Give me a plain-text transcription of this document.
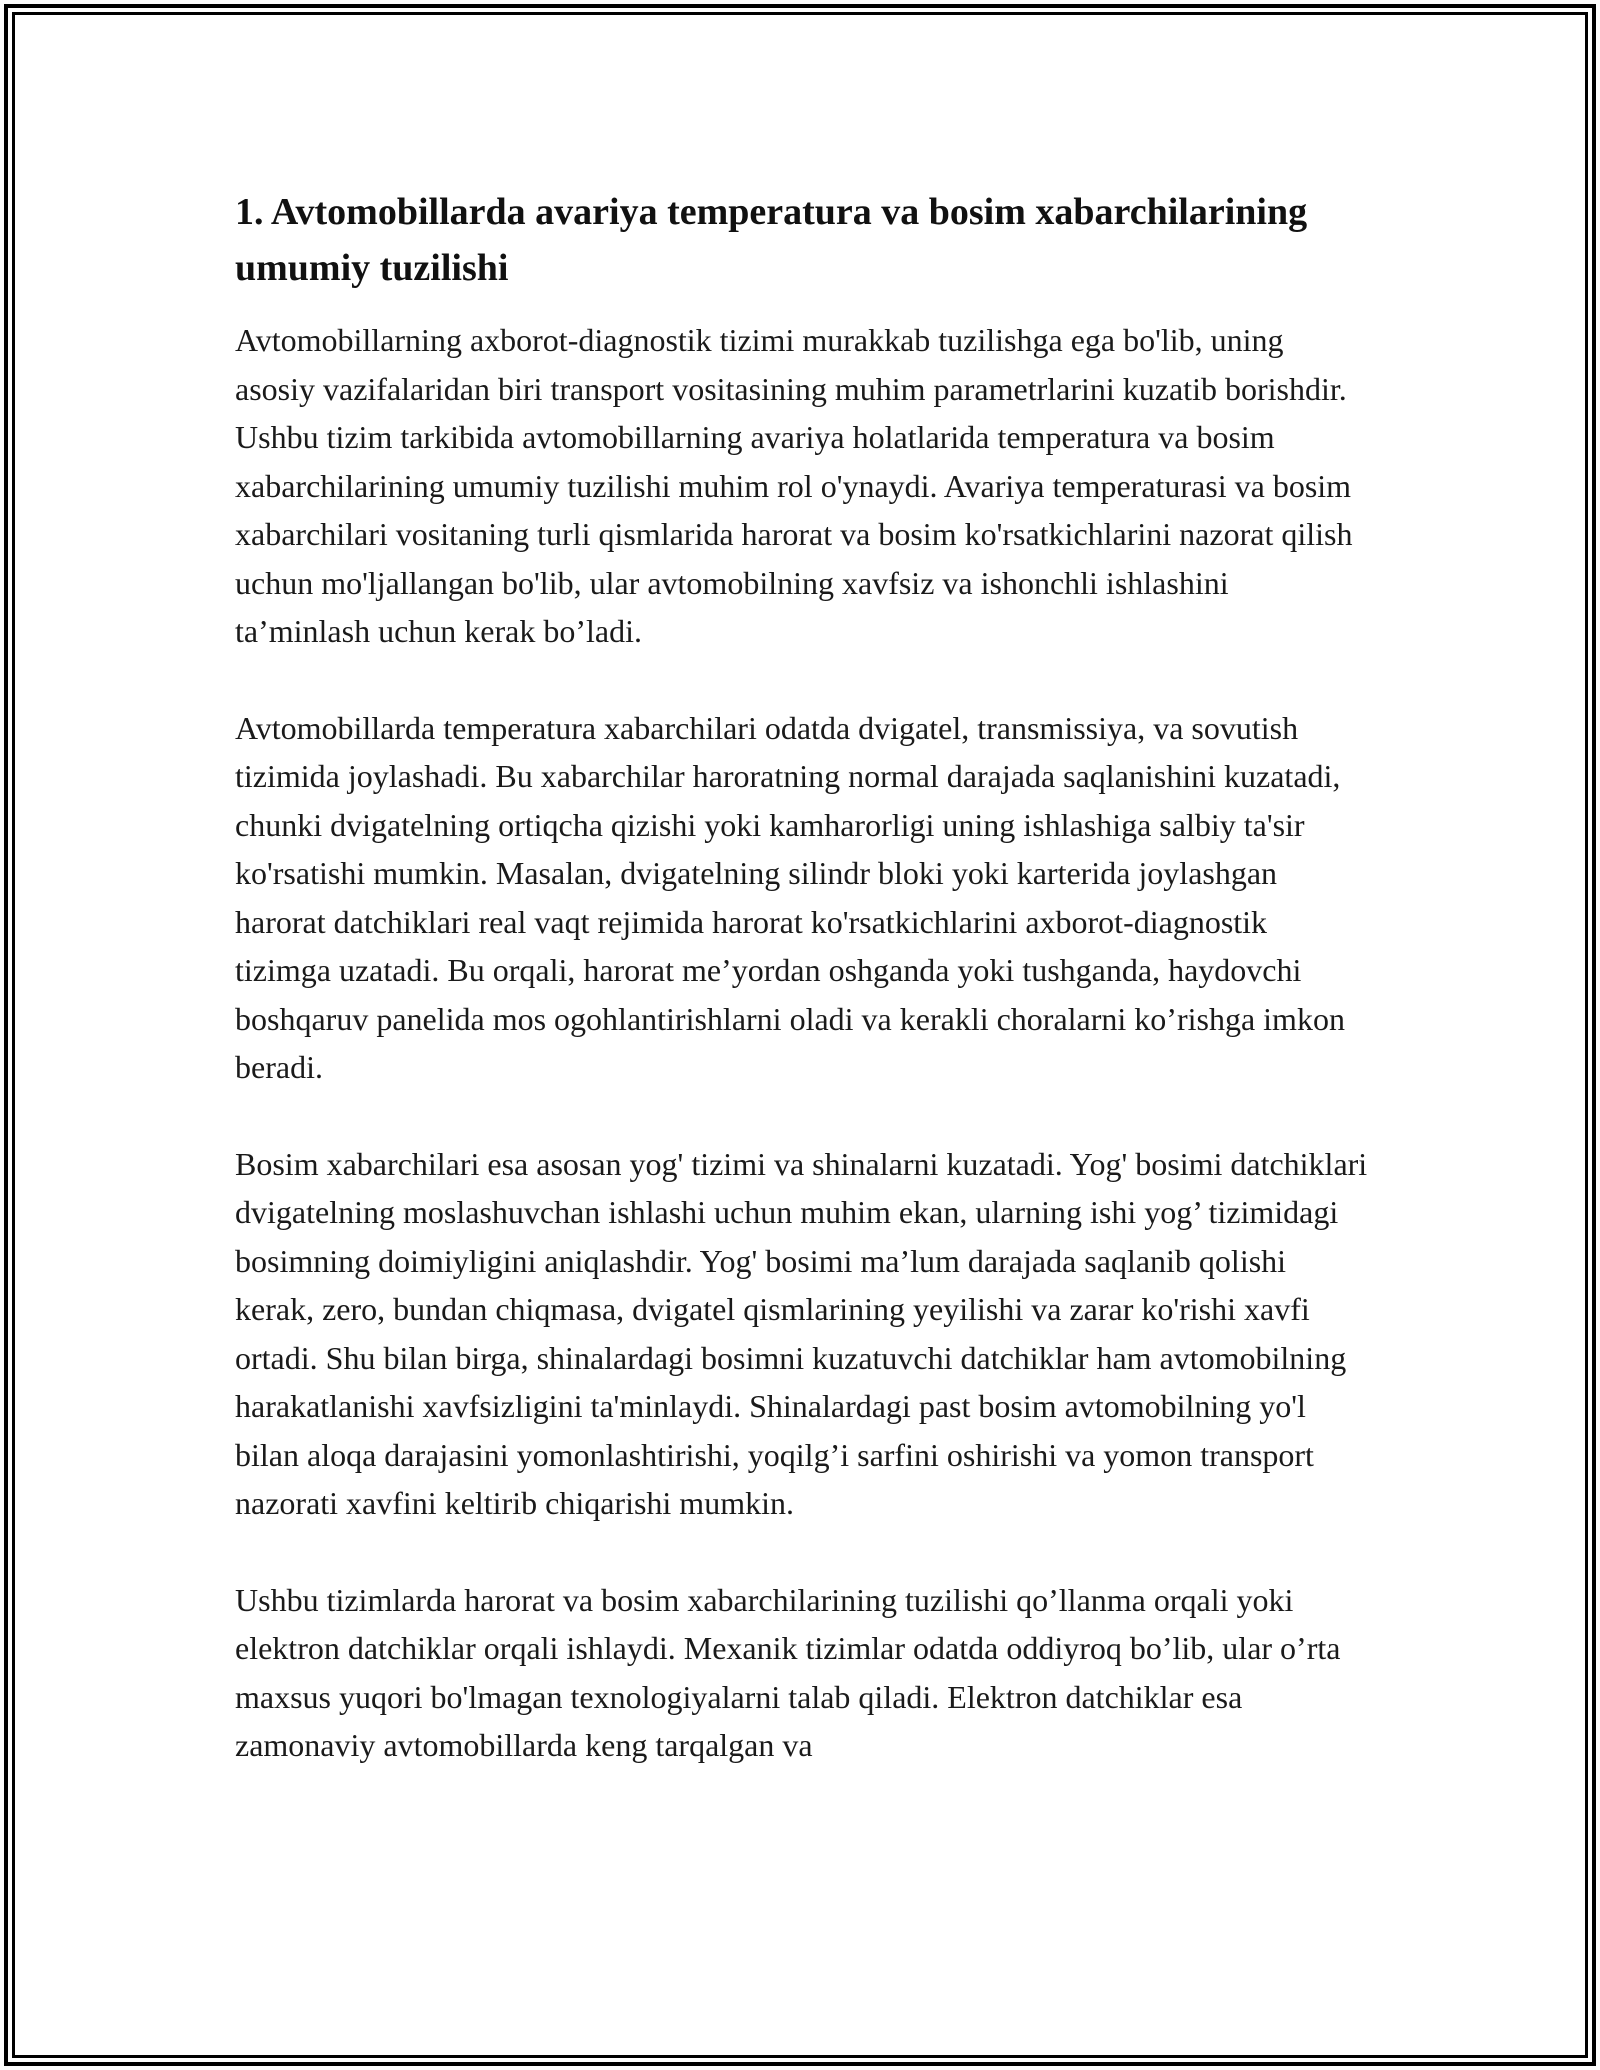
1. Avtomobillarda avariya temperatura va bosim xabarchilarining umumiy tuzilishi

Avtomobillarning axborot-diagnostik tizimi murakkab tuzilishga ega bo'lib, uning asosiy vazifalaridan biri transport vositasining muhim parametrlarini kuzatib borishdir. Ushbu tizim tarkibida avtomobillarning avariya holatlarida temperatura va bosim xabarchilarining umumiy tuzilishi muhim rol o'ynaydi. Avariya temperaturasi va bosim xabarchilari vositaning turli qismlarida harorat va bosim ko'rsatkichlarini nazorat qilish uchun mo'ljallangan bo'lib, ular avtomobilning xavfsiz va ishonchli ishlashini ta’minlash uchun kerak bo’ladi.

Avtomobillarda temperatura xabarchilari odatda dvigatel, transmissiya, va sovutish tizimida joylashadi. Bu xabarchilar haroratning normal darajada saqlanishini kuzatadi, chunki dvigatelning ortiqcha qizishi yoki kamharorligi uning ishlashiga salbiy ta'sir ko'rsatishi mumkin. Masalan, dvigatelning silindr bloki yoki karterida joylashgan harorat datchiklari real vaqt rejimida harorat ko'rsatkichlarini axborot-diagnostik tizimga uzatadi. Bu orqali, harorat me’yordan oshganda yoki tushganda, haydovchi boshqaruv panelida mos ogohlantirishlarni oladi va kerakli choralarni ko’rishga imkon beradi.

Bosim xabarchilari esa asosan yog' tizimi va shinalarni kuzatadi. Yog' bosimi datchiklari dvigatelning moslashuvchan ishlashi uchun muhim ekan, ularning ishi yog’ tizimidagi bosimning doimiyligini aniqlashdir. Yog' bosimi ma’lum darajada saqlanib qolishi kerak, zero, bundan chiqmasa, dvigatel qismlarining yeyilishi va zarar ko'rishi xavfi ortadi. Shu bilan birga, shinalardagi bosimni kuzatuvchi datchiklar ham avtomobilning harakatlanishi xavfsizligini ta'minlaydi. Shinalardagi past bosim avtomobilning yo'l bilan aloqa darajasini yomonlashtirishi, yoqilg’i sarfini oshirishi va yomon transport nazorati xavfini keltirib chiqarishi mumkin.

Ushbu tizimlarda harorat va bosim xabarchilarining tuzilishi qo’llanma orqali yoki elektron datchiklar orqali ishlaydi. Mexanik tizimlar odatda oddiyroq bo’lib, ular o’rta maxsus yuqori bo'lmagan texnologiyalarni talab qiladi. Elektron datchiklar esa zamonaviy avtomobillarda keng tarqalgan va
